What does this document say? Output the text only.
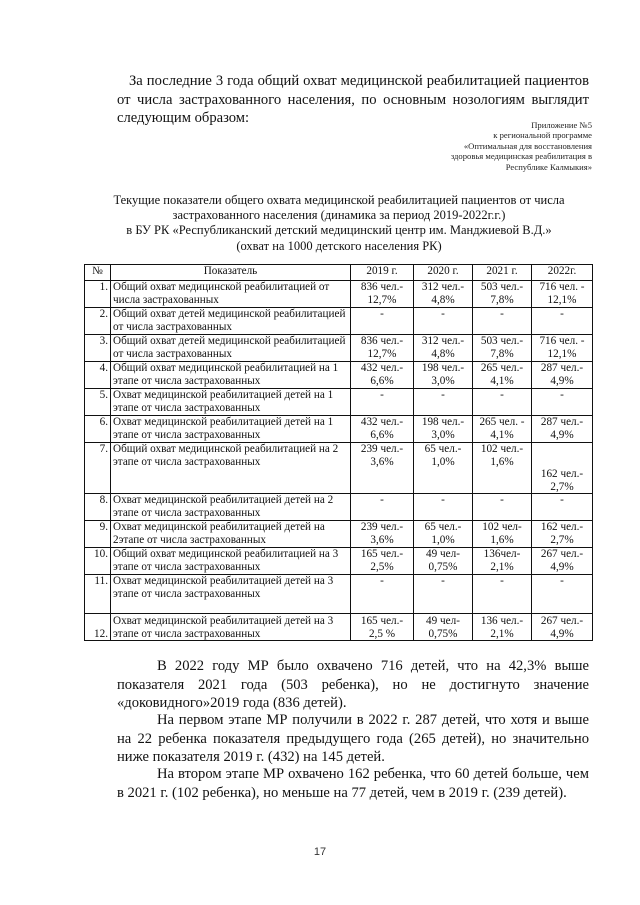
За последние 3 года общий охват медицинской реабилитацией пациентов от числа застрахованного населения, по основным нозологиям выглядит следующим образом:	Приложение №5
к региональной программе
«Оптимальная для восстановления
здоровья медицинская реабилитация в
Республике Калмыкия»
Текущие показатели общего охвата медицинской реабилитацией пациентов от числа
застрахованного населения (динамика за период 2019-2022г.г.)
в БУ РК «Республиканский детский медицинский центр им. Манджиевой В.Д.»
(охват на 1000 детского населения РК)
№	Показатель	2019 г.	2020 г.	2021 г.	2022г.
1.	Общий охват медицинской реабилитацией от числа застрахованных	836 чел.-
12,7%	312 чел.-
4,8%	503 чел.-
7,8%	716 чел. -
12,1%
2.	Общий охват детей медицинской реабилитацией от числа застрахованных	-	-	-	-
3.	Общий охват детей медицинской реабилитацией от числа застрахованных	836 чел.-
12,7%	312 чел.-
4,8%	503 чел.-
7,8%	716 чел. -
12,1%
4.	Общий охват медицинской реабилитацией на 1 этапе от числа застрахованных	432 чел.-
6,6%	198 чел.-
3,0%	265 чел.-
4,1%	287 чел.-
4,9%
5.	Охват медицинской реабилитацией детей на 1 этапе от числа застрахованных	-	-	-	-
6.	Охват медицинской реабилитацией детей на 1 этапе от числа застрахованных	432 чел.-
6,6%	198 чел.-
3,0%	265 чел. -
4,1%	287 чел.-
4,9%
7.	Общий охват медицинской реабилитацией на 2 этапе от числа застрахованных	239 чел.-
3,6%	65 чел.-
1,0%	102 чел.-
1,6%	

162 чел.-
2,7%
8.	Охват медицинской реабилитацией детей на 2 этапе от числа застрахованных	-	-	-	-
9.	Охват медицинской реабилитацией детей на 2этапе от числа застрахованных	239 чел.-
3,6%	65 чел.-
1,0%	102 чел-
1,6%	162 чел.-
2,7%
10.	Общий охват медицинской реабилитацией на 3 этапе от числа застрахованных	165 чел.-
2,5%	49 чел-
0,75%	136чел-
2,1%	267 чел.-
4,9%
11.	Охват медицинской реабилитацией детей на 3 этапе от числа застрахованных	-	-	-	-
12.	Охват медицинской реабилитацией детей на 3 этапе от числа застрахованных	165 чел.-
2,5 %	49 чел-
0,75%	136 чел.-
2,1%	267 чел.-
4,9%
В 2022 году МР было охвачено 716 детей, что на 42,3% выше показателя 2021 года (503 ребенка), но не достигнуто значение «доковидного»2019 года (836 детей).
На первом этапе МР получили в 2022 г. 287 детей, что хотя и выше на 22 ребенка показателя предыдущего года (265 детей), но значительно ниже показателя 2019 г. (432) на 145 детей.
На втором этапе МР охвачено 162 ребенка, что 60 детей больше, чем в 2021 г. (102 ребенка), но меньше на 77 детей, чем в 2019 г. (239 детей).
17
